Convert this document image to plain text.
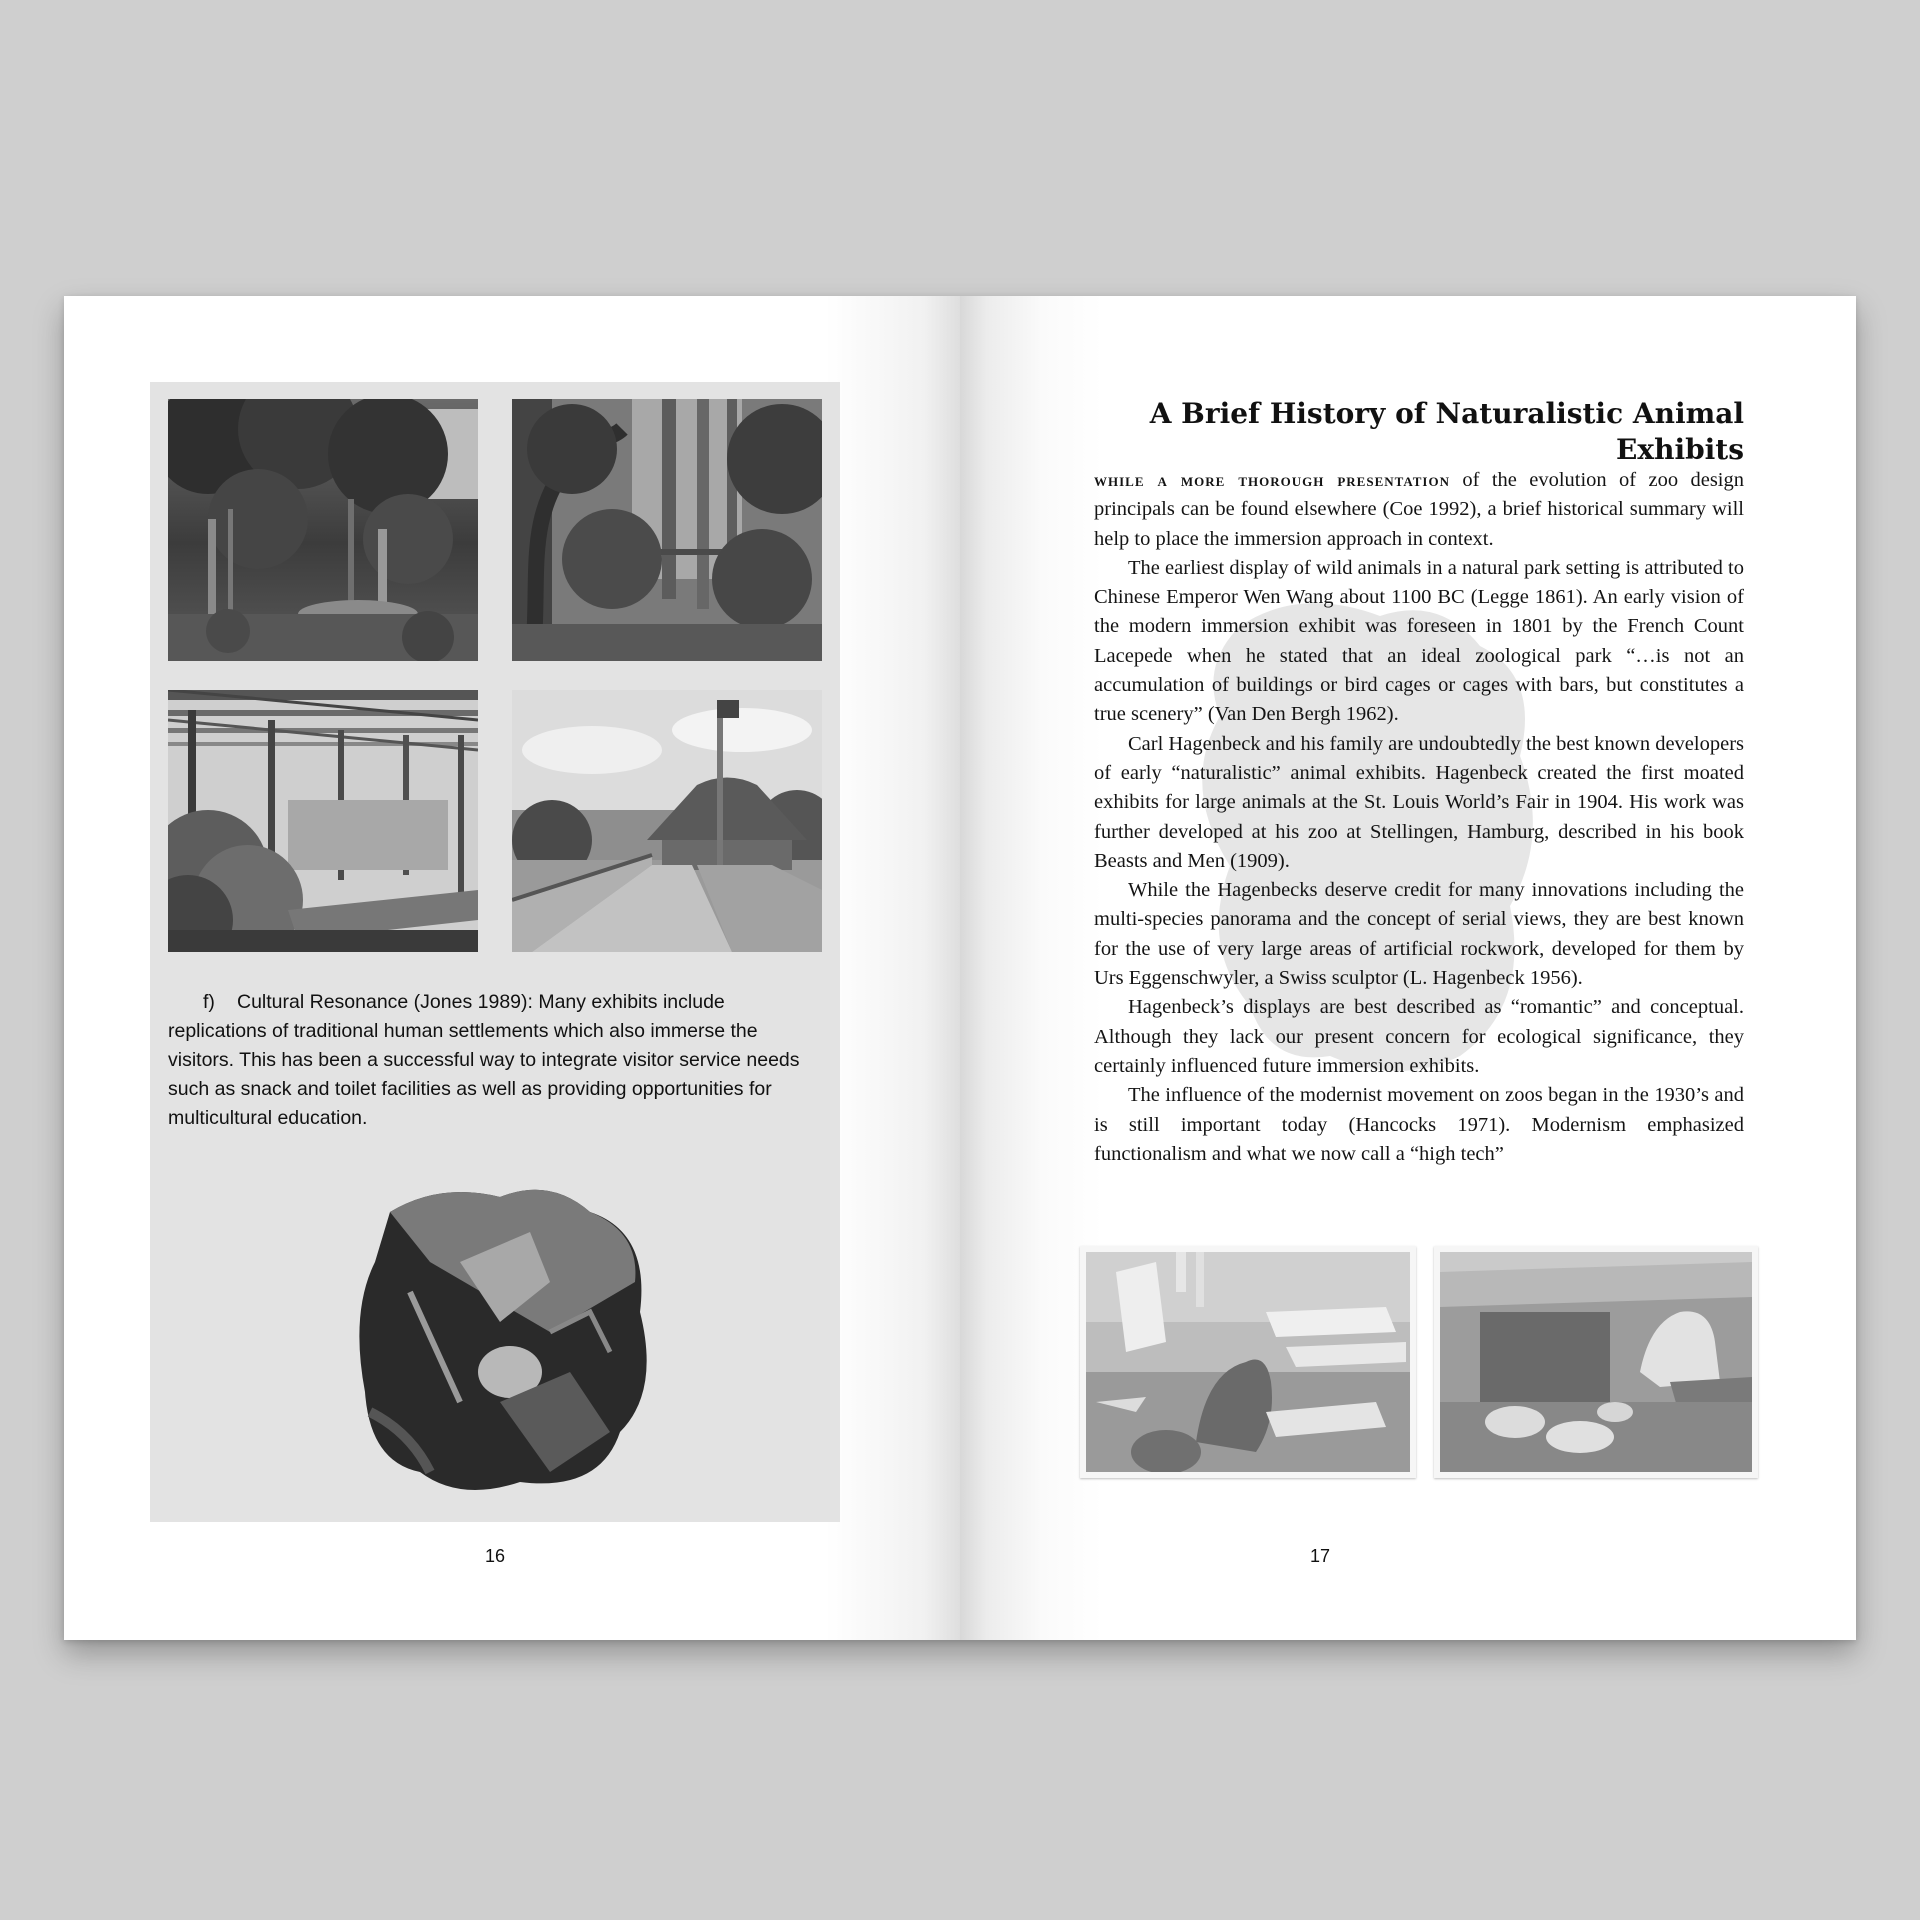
f) Cultural Resonance (Jones 1989): Many exhibits include replications of traditional human settlements which also immerse the visitors. This has been a successful way to integrate visitor service needs such as snack and toilet facilities as well as providing opportunities for multicultural education.

16
A Brief History of Naturalistic Animal Exhibits

while a more thorough presentation of the evolution of zoo design principals can be found elsewhere (Coe 1992), a brief historical summary will help to place the immersion approach in context.

The earliest display of wild animals in a natural park setting is attributed to Chinese Emperor Wen Wang about 1100 BC (Legge 1861). An early vision of the modern immersion exhibit was foreseen in 1801 by the French Count Lacepede when he stated that an ideal zoological park “…is not an accumulation of buildings or bird cages or cages with bars, but constitutes a true scenery” (Van Den Bergh 1962).

Carl Hagenbeck and his family are undoubtedly the best known developers of early “naturalistic” animal exhibits. Hagenbeck created the first moated exhibits for large animals at the St. Louis World’s Fair in 1904. His work was further developed at his zoo at Stellingen, Hamburg, described in his book Beasts and Men (1909).

While the Hagenbecks deserve credit for many innovations including the multi-species panorama and the concept of serial views, they are best known for the use of very large areas of artificial rockwork, developed for them by Urs Eggenschwyler, a Swiss sculptor (L. Hagenbeck 1956).

Hagenbeck’s displays are best described as “romantic” and conceptual. Although they lack our present concern for ecological significance, they certainly influenced future immersion exhibits.

The influence of the modernist movement on zoos began in the 1930’s and is still important today (Hancocks 1971). Modernism emphasized functionalism and what we now call a “high tech”

17
